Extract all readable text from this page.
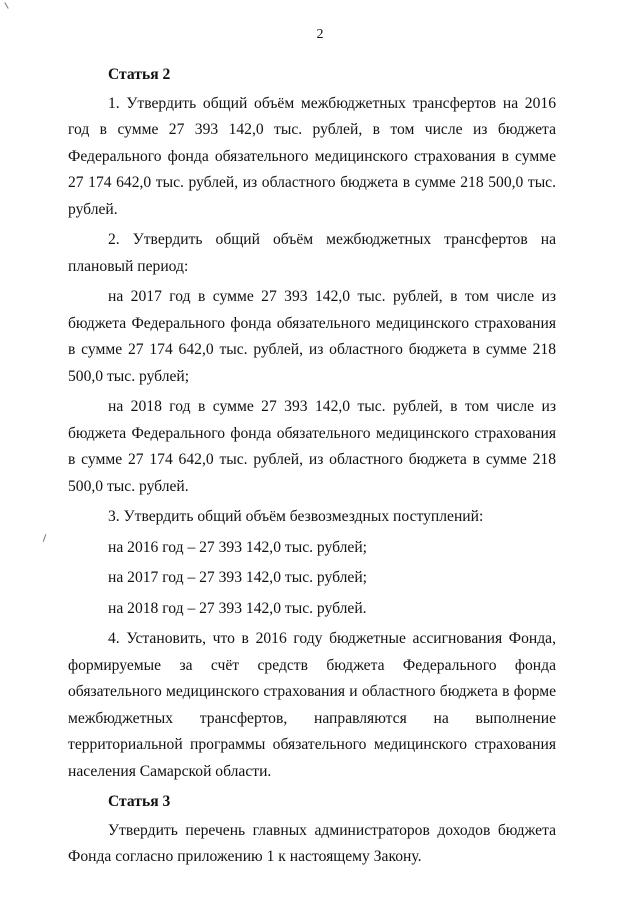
2
Статья 2

1. Утвердить общий объём межбюджетных трансфертов на 2016 год в сумме 27 393 142,0 тыс. рублей, в том числе из бюджета Федерального фонда обязательного медицинского страхования в сумме 27 174 642,0 тыс. рублей, из областного бюджета в сумме 218 500,0 тыс. рублей.

2. Утвердить общий объём межбюджетных трансфертов на плановый период:

на 2017 год в сумме 27 393 142,0 тыс. рублей, в том числе из бюджета Федерального фонда обязательного медицинского страхования в сумме 27 174 642,0 тыс. рублей, из областного бюджета в сумме 218 500,0 тыс. рублей;

на 2018 год в сумме 27 393 142,0 тыс. рублей, в том числе из бюджета Федерального фонда обязательного медицинского страхования в сумме 27 174 642,0 тыс. рублей, из областного бюджета в сумме 218 500,0 тыс. рублей.

3. Утвердить общий объём безвозмездных поступлений:

на 2016 год – 27 393 142,0 тыс. рублей;
на 2017 год – 27 393 142,0 тыс. рублей;
на 2018 год – 27 393 142,0 тыс. рублей.

4. Установить, что в 2016 году бюджетные ассигнования Фонда, формируемые за счёт средств бюджета Федерального фонда обязательного медицинского страхования и областного бюджета в форме межбюджетных трансфертов, направляются на выполнение территориальной программы обязательного медицинского страхования населения Самарской области.

Статья 3

Утвердить перечень главных администраторов доходов бюджета Фонда согласно приложению 1 к настоящему Закону.
